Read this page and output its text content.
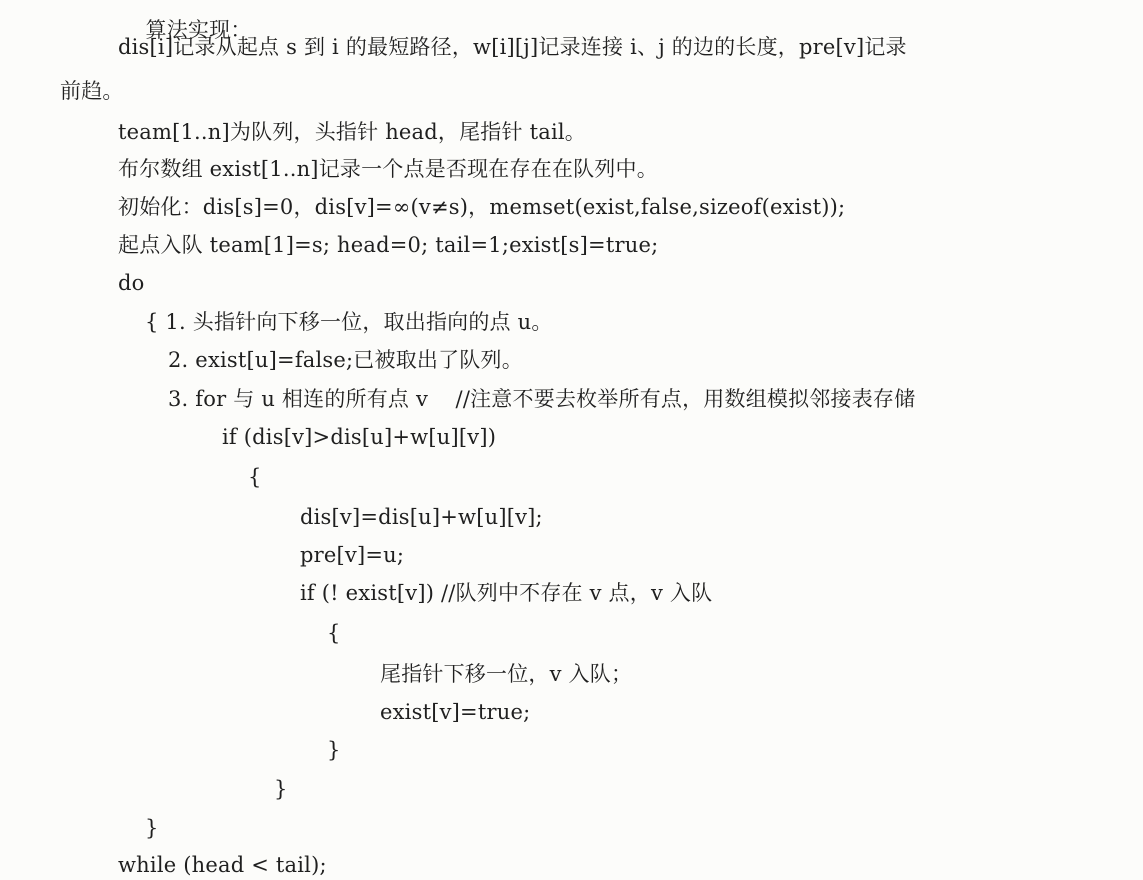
算法实现：

dis[i]记录从起点 s 到 i 的最短路径，w[i][j]记录连接 i、j 的边的长度，pre[v]记录
前趋。
team[1..n]为队列，头指针 head，尾指针 tail。
布尔数组 exist[1..n]记录一个点是否现在存在在队列中。
初始化：dis[s]=0，dis[v]=∞(v≠s)，memset(exist,false,sizeof(exist));
起点入队 team[1]=s; head=0; tail=1;exist[s]=true;
do
{ 1. 头指针向下移一位，取出指向的点 u。
2. exist[u]=false;已被取出了队列。
3. for 与 u 相连的所有点 v    //注意不要去枚举所有点，用数组模拟邻接表存储
if (dis[v]>dis[u]+w[u][v])
{
dis[v]=dis[u]+w[u][v];
pre[v]=u;
if (! exist[v]) //队列中不存在 v 点，v 入队
{
尾指针下移一位，v 入队；
exist[v]=true;
}
}
}
while (head < tail);
